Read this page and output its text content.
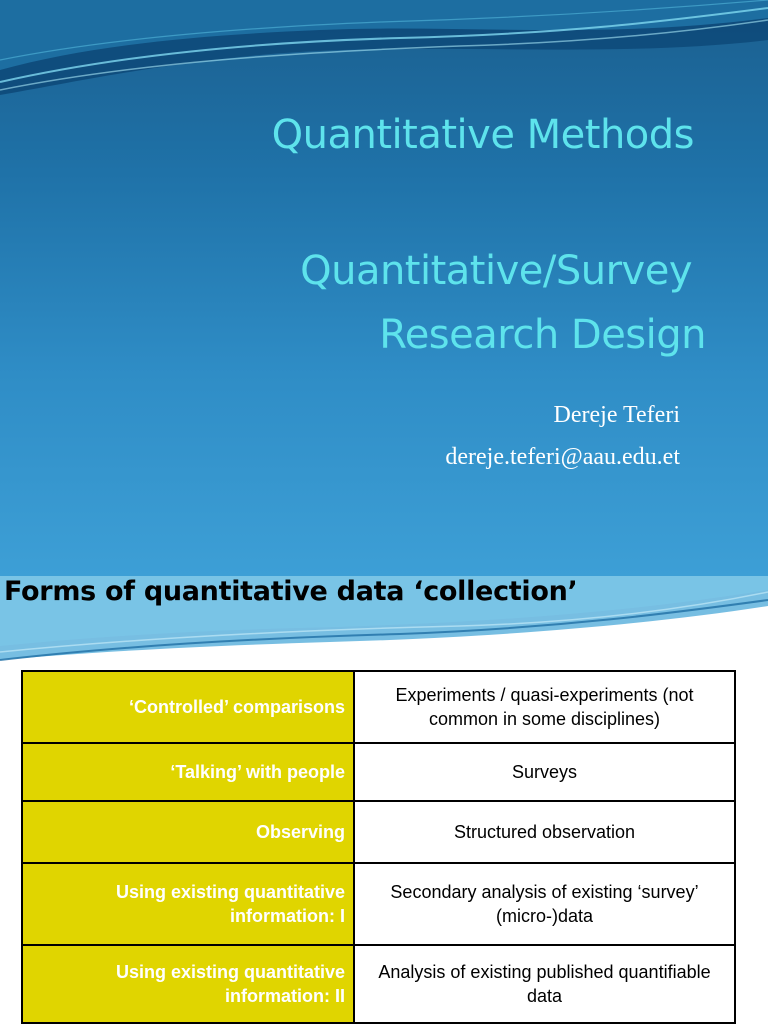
Quantitative Methods
Quantitative/Survey
Research Design
Dereje Teferi
dereje.teferi@aau.edu.et
Forms of quantitative data ‘collection’
‘Controlled’ comparisons	Experiments / quasi-experiments (not common in some disciplines)
‘Talking’ with people	Surveys
Observing	Structured observation
Using existing quantitative information: I	Secondary analysis of existing ‘survey’ (micro-)data
Using existing quantitative information: II	Analysis of existing published quantifiable data
